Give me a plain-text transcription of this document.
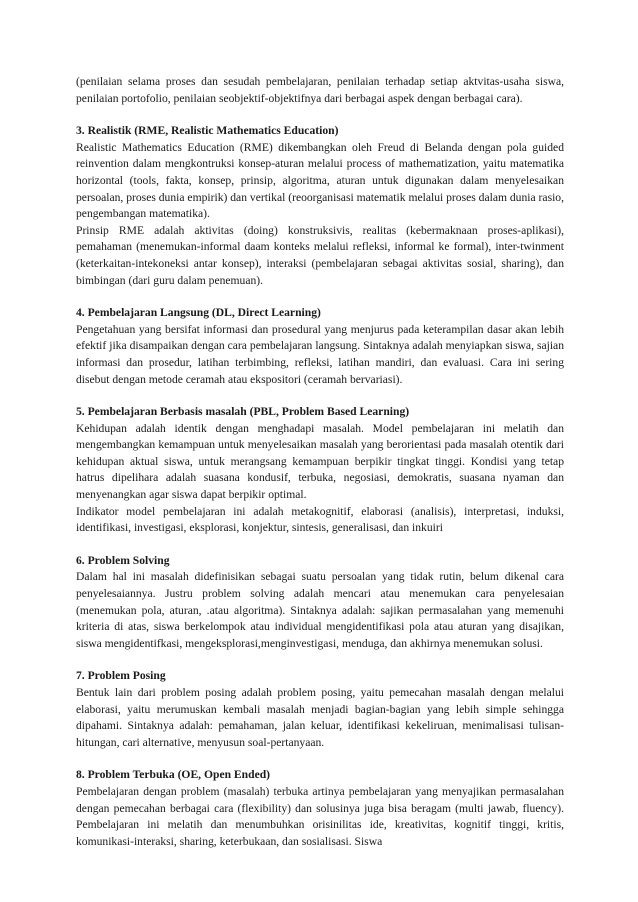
(penilaian selama proses dan sesudah pembelajaran, penilaian terhadap setiap aktvitas-usaha siswa, penilaian portofolio, penilaian seobjektif-objektifnya dari berbagai aspek dengan berbagai cara).
3. Realistik (RME, Realistic Mathematics Education)
Realistic Mathematics Education (RME) dikembangkan oleh Freud di Belanda dengan pola guided reinvention dalam mengkontruksi konsep-aturan melalui process of mathematization, yaitu matematika horizontal (tools, fakta, konsep, prinsip, algoritma, aturan untuk digunakan dalam menyelesaikan persoalan, proses dunia empirik) dan vertikal (reoorganisasi matematik melalui proses dalam dunia rasio, pengembangan matematika).
Prinsip RME adalah aktivitas (doing) konstruksivis, realitas (kebermaknaan proses-aplikasi), pemahaman (menemukan-informal daam konteks melalui refleksi, informal ke formal), inter-twinment (keterkaitan-intekoneksi antar konsep), interaksi (pembelajaran sebagai aktivitas sosial, sharing), dan bimbingan (dari guru dalam penemuan).
4. Pembelajaran Langsung (DL, Direct Learning)
Pengetahuan yang bersifat informasi dan prosedural yang menjurus pada keterampilan dasar akan lebih efektif jika disampaikan dengan cara pembelajaran langsung. Sintaknya adalah menyiapkan siswa, sajian informasi dan prosedur, latihan terbimbing, refleksi, latihan mandiri, dan evaluasi. Cara ini sering disebut dengan metode ceramah atau ekspositori (ceramah bervariasi).
5. Pembelajaran Berbasis masalah (PBL, Problem Based Learning)
Kehidupan adalah identik dengan menghadapi masalah. Model pembelajaran ini melatih dan mengembangkan kemampuan untuk menyelesaikan masalah yang berorientasi pada masalah otentik dari kehidupan aktual siswa, untuk merangsang kemampuan berpikir tingkat tinggi. Kondisi yang tetap hatrus dipelihara adalah suasana kondusif, terbuka, negosiasi, demokratis, suasana nyaman dan menyenangkan agar siswa dapat berpikir optimal.
Indikator model pembelajaran ini adalah metakognitif, elaborasi (analisis), interpretasi, induksi, identifikasi, investigasi, eksplorasi, konjektur, sintesis, generalisasi, dan inkuiri
6. Problem Solving
Dalam hal ini masalah didefinisikan sebagai suatu persoalan yang tidak rutin, belum dikenal cara penyelesaiannya. Justru problem solving adalah mencari atau menemukan cara penyelesaian (menemukan pola, aturan, .atau algoritma). Sintaknya adalah: sajikan permasalahan yang memenuhi kriteria di atas, siswa berkelompok atau individual mengidentifikasi pola atau aturan yang disajikan, siswa mengidentifkasi, mengeksplorasi,menginvestigasi, menduga, dan akhirnya menemukan solusi.
7. Problem Posing
Bentuk lain dari problem posing adalah problem posing, yaitu pemecahan masalah dengan melalui elaborasi, yaitu merumuskan kembali masalah menjadi bagian-bagian yang lebih simple sehingga dipahami. Sintaknya adalah: pemahaman, jalan keluar, identifikasi kekeliruan, menimalisasi tulisan-hitungan, cari alternative, menyusun soal-pertanyaan.
8. Problem Terbuka (OE, Open Ended)
Pembelajaran dengan problem (masalah) terbuka artinya pembelajaran yang menyajikan permasalahan dengan pemecahan berbagai cara (flexibility) dan solusinya juga bisa beragam (multi jawab, fluency). Pembelajaran ini melatih dan menumbuhkan orisinilitas ide, kreativitas, kognitif tinggi, kritis, komunikasi-interaksi, sharing, keterbukaan, dan sosialisasi. Siswa
